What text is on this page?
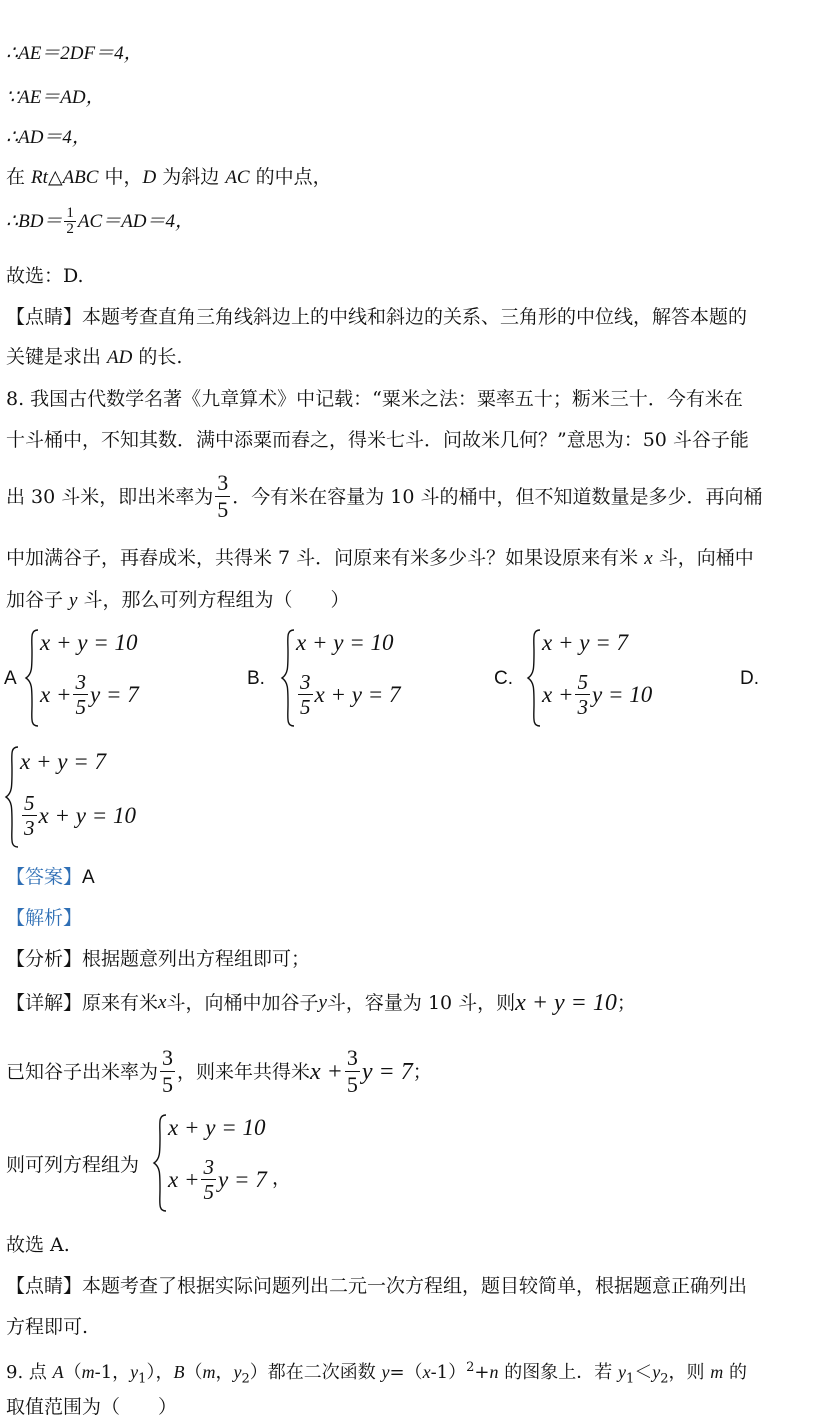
∴AE＝2DF＝4，
∵AE＝AD，
∴AD＝4，
在 Rt△ABC 中，D 为斜边 AC 的中点，
∴BD＝ $\frac{1}{2} AC=AD=4$，
故选：D.
【点睛】本题考查直角三角线斜边上的中线和斜边的关系、三角形的中位线，解答本题的
关键是求出 AD 的长.
8. 我国古代数学名著《九章算术》中记载：“粟米之法：粟率五十；粝米三十．今有米在
十斗桶中，不知其数．满中添粟而舂之，得米七斗．问故米几何？”意思为：50 斗谷子能
出 30 斗米，即出米率为 $\frac{3}{5}$ ．今有米在容量为 10 斗的桶中，但不知道数量是多少．再向桶
中加满谷子，再舂成米，共得米 7 斗．问原来有米多少斗？如果设原来有米 x 斗，向桶中
加谷子 y 斗，那么可列方程组为（　　）
A
x + y = 10
$x + \frac{3}{5}$ y = 7
B.
x + y = 10
$\frac{3}{5}$ x + y = 7
C.
x + y = 7
$x + \frac{5}{3}$ y = 10
D.
x + y = 7
$\frac{5}{3}$ x + y = 10
【答案】A
【解析】
【分析】根据题意列出方程组即可；
【详解】原来有米 x 斗，向桶中加谷子 y 斗，容量为 10 斗，则 x + y = 10 ；
已知谷子出米率为 $\frac{3}{5}$ ，则来年共得米 $x + \frac{3}{5}$ y = 7 ；
则可列方程组为
x + y = 10
$x + \frac{3}{5}$ y = 7 ，
故选 A.
【点睛】本题考查了根据实际问题列出二元一次方程组，题目较简单，根据题意正确列出
方程即可.
9. 点 A（m-1，$y_1$），B（m，$y_2$）都在二次函数 $y=(x-1)^2+n$ 的图象上．若 $y_1<y_2$，则 m 的
取值范围为（　　）
